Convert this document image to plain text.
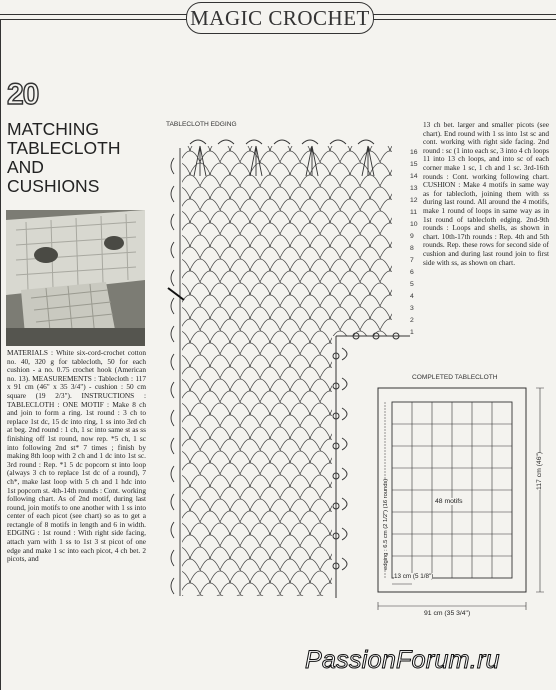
MAGIC CROCHET
20
MATCHING
TABLECLOTH
AND
CUSHIONS
MATERIALS : White six-cord-crochet cotton no. 40, 320 g for tablecloth, 50 for each cushion - a no. 0.75 crochet hook (American no. 13). MEASUREMENTS : Tablecloth : 117 x 91 cm (46" x 35 3/4") - cushion : 50 cm square (19 2/3"). INSTRUCTIONS : TABLECLOTH : ONE MOTIF : Make 8 ch and join to form a ring. 1st round : 3 ch to replace 1st dc, 15 dc into ring, 1 ss into 3rd ch at beg. 2nd round : 1 ch, 1 sc into same st as ss finishing off 1st round, now rep. *5 ch, 1 sc into following 2nd st* 7 times ; finish by making 8th loop with 2 ch and 1 dc into 1st sc. 3rd round : Rep. *1 5 dc popcorn st into loop (always 3 ch to replace 1st dc of a round), 7 ch*, make last loop with 5 ch and 1 hdc into 1st popcorn st. 4th-14th rounds : Cont. working following chart. As of 2nd motif, during last round, join motifs to one another with 1 ss into center of each picot (see chart) so as to get a rectangle of 8 motifs in length and 6 in width. EDGING : 1st round : With right side facing, attach yarn with 1 ss to 1st 3 st picot of one edge and make 1 sc into each picot, 4 ch bet. 2 picots, and
13 ch bet. larger and smaller picots (see chart). End round with 1 ss into 1st sc and cont. working with right side facing. 2nd round : sc (1 into each sc, 3 into 4 ch loops 11 into 13 ch loops, and into sc of each corner make 1 sc, 1 ch and 1 sc. 3rd-16th rounds : Cont. working following chart. CUSHION : Make 4 motifs in same way as for tablecloth, joining them with ss during last round. All around the 4 motifs, make 1 round of loops in same way as in 1st round of tablecloth edging. 2nd-9th rounds : Loops and shells, as shown in chart. 10th-17th rounds : Rep. 4th and 5th rounds. Rep. these rows for second side of cushion and during last round join to first side with ss, as shown on chart.
TABLECLOTH EDGING
16
15
14
13
12
11
10
9
8
7
6
5
4
3
2
1
COMPLETED TABLECLOTH
48 motifs
13 cm (5 1/8")
91 cm (35 3/4")
117 cm (46")
edging : 6.5 cm (2 1/2") (16 rounds)
PassionForum.ru
